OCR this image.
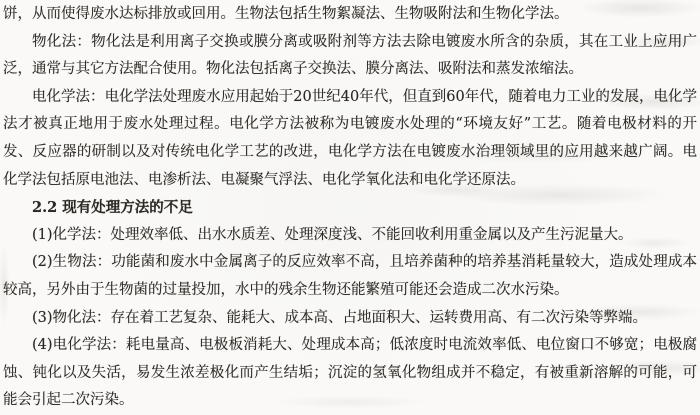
饼，从而使得废水达标排放或回用。生物法包括生物絮凝法、生物吸附法和生物化学法。

物化法：物化法是利用离子交换或膜分离或吸附剂等方法去除电镀废水所含的杂质，其在工业上应用广泛，通常与其它方法配合使用。物化法包括离子交换法、膜分离法、吸附法和蒸发浓缩法。

电化学法：电化学法处理废水应用起始于20世纪40年代，但直到60年代，随着电力工业的发展，电化学法才被真正地用于废水处理过程。电化学方法被称为电镀废水处理的“环境友好”工艺。随着电极材料的开发、反应器的研制以及对传统电化学工艺的改进，电化学方法在电镀废水治理领域里的应用越来越广阔。电化学法包括原电池法、电渗析法、电凝聚气浮法、电化学氧化法和电化学还原法。

2.2 现有处理方法的不足

(1)化学法：处理效率低、出水水质差、处理深度浅、不能回收利用重金属以及产生污泥量大。

(2)生物法：功能菌和废水中金属离子的反应效率不高，且培养菌种的培养基消耗量较大，造成处理成本较高，另外由于生物菌的过量投加，水中的残余生物还能繁殖可能还会造成二次水污染。

(3)物化法：存在着工艺复杂、能耗大、成本高、占地面积大、运转费用高、有二次污染等弊端。

(4)电化学法：耗电量高、电极板消耗大、处理成本高；低浓度时电流效率低、电位窗口不够宽；电极腐蚀、钝化以及失活，易发生浓差极化而产生结垢；沉淀的氢氧化物组成并不稳定，有被重新溶解的可能，可能会引起二次污染。
